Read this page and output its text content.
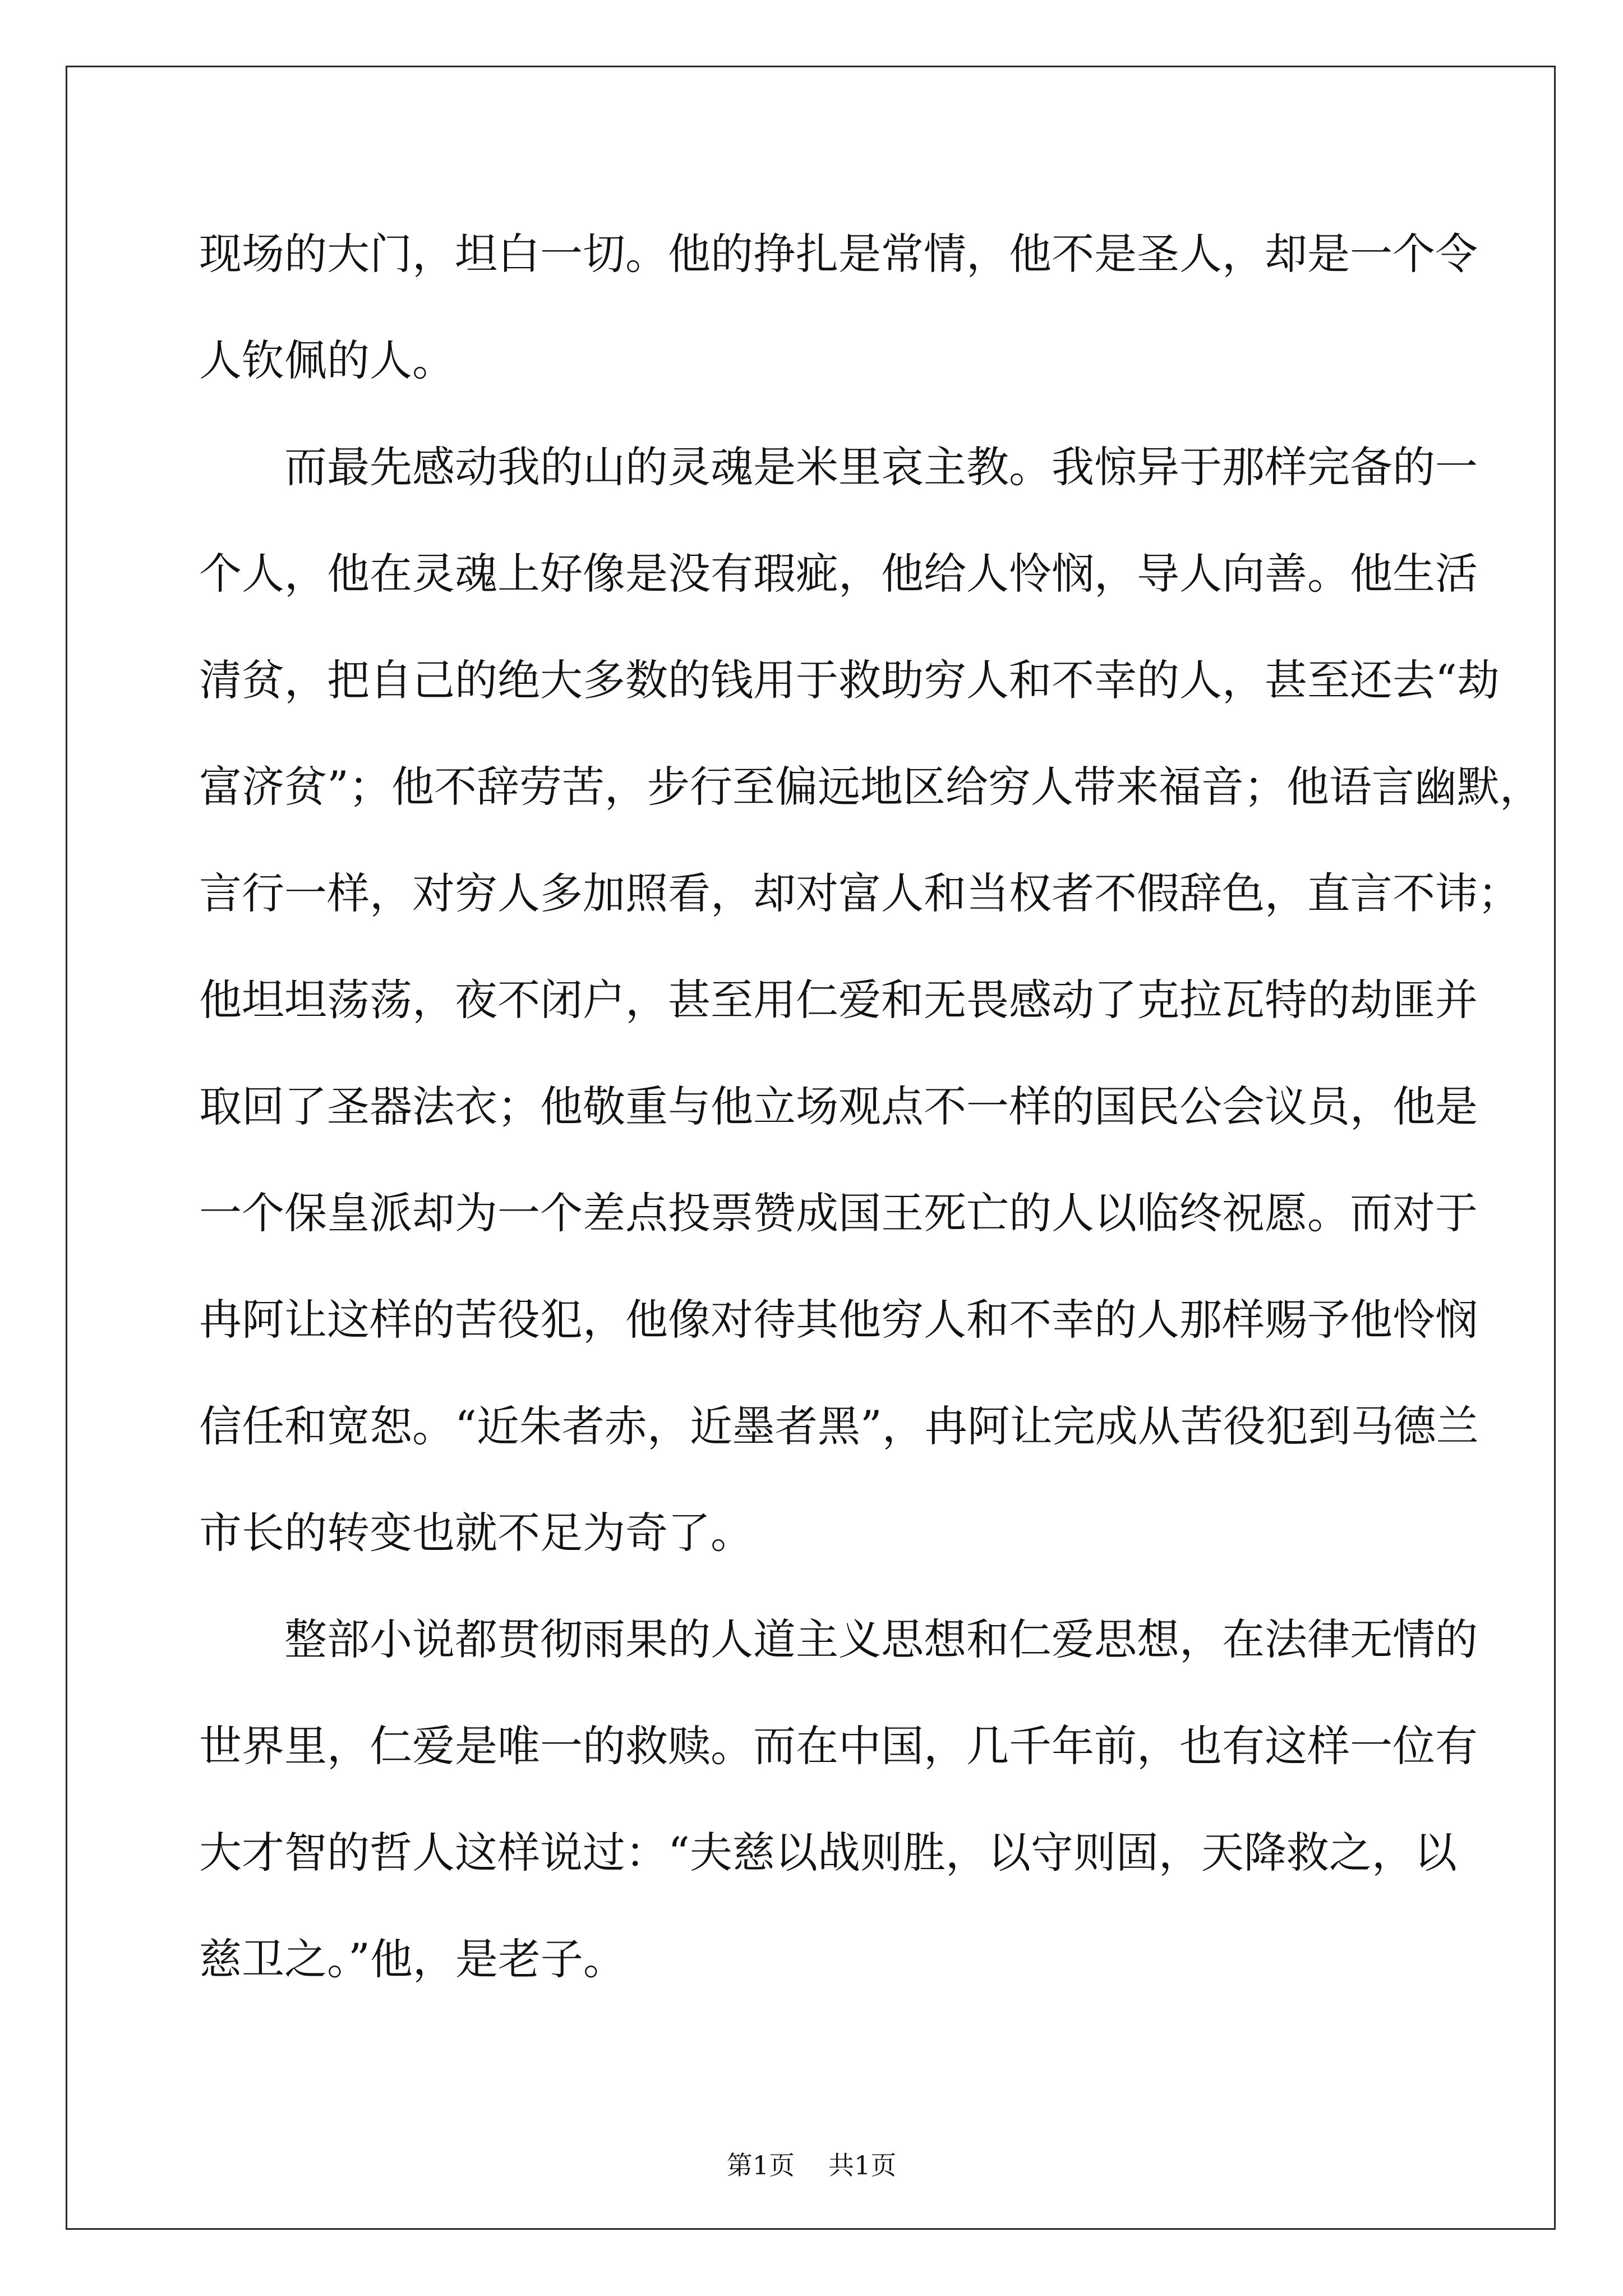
现场的大门，坦白一切。他的挣扎是常情，他不是圣人，却是一个令
人钦佩的人。
而最先感动我的山的灵魂是米里哀主教。我惊异于那样完备的一
个人，他在灵魂上好像是没有瑕疵，他给人怜悯，导人向善。他生活
清贫，把自己的绝大多数的钱用于救助穷人和不幸的人，甚至还去“劫
富济贫”；他不辞劳苦，步行至偏远地区给穷人带来福音；他语言幽默，
言行一样，对穷人多加照看，却对富人和当权者不假辞色，直言不讳；
他坦坦荡荡，夜不闭户，甚至用仁爱和无畏感动了克拉瓦特的劫匪并
取回了圣器法衣；他敬重与他立场观点不一样的国民公会议员，他是
一个保皇派却为一个差点投票赞成国王死亡的人以临终祝愿。而对于
冉阿让这样的苦役犯，他像对待其他穷人和不幸的人那样赐予他怜悯
信任和宽恕。“近朱者赤，近墨者黑”，冉阿让完成从苦役犯到马德兰
市长的转变也就不足为奇了。
整部小说都贯彻雨果的人道主义思想和仁爱思想，在法律无情的
世界里，仁爱是唯一的救赎。而在中国，几千年前，也有这样一位有
大才智的哲人这样说过：“夫慈以战则胜，以守则固，天降救之，以
慈卫之。”他，是老子。
第1页 共1页
